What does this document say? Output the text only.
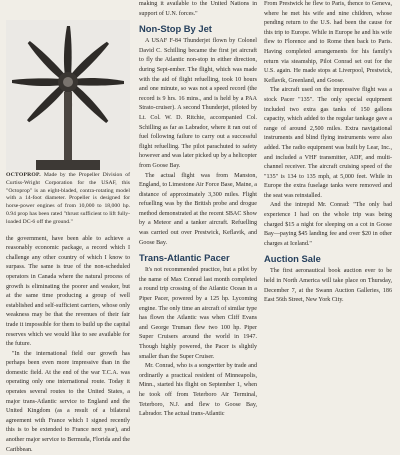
OCTOPROP. Made by the Propeller Division of Curtiss-Wright Corporation for the USAF, this "Octoprop" is an eight-bladed, contra-rotating model with a 14-foot diameter. Propeller is designed for horse-power engines of from 10,000 to 18,000 hp. 0.94 prop has been rated "thrust sufficient to lift fully-loaded DC-6 off the ground."

the government, have been able to achieve a reasonably economic package, a record which I challenge any other country of which I know to surpass. The same is true of the non-scheduled operators in Canada where the natural process of growth is eliminating the poorer and weaker, but at the same time producing a group of well established and self-sufficient carriers, whose only weakness may be that the revenues of their fair trade it impossible for them to build up the capital reserves which we would like to see available for the future.

"In the international field our growth has perhaps been even more impressive than in the domestic field. At the end of the war T.C.A. was operating only one international route. Today it operates several routes to the United States, a major trans-Atlantic service to England and the United Kingdom (as a result of a bilateral agreement with France which I signed recently this is to be extended to France next year), and another major service to Bermuda, Florida and the Caribbean.

making it available to the United Nations in support of U.N. forces."

Non-Stop By Jet

A USAF F-84 Thunderjet flown by Colonel David C. Schilling became the first jet aircraft to fly the Atlantic non-stop in either direction, during Sept-ember. The flight, which was made with the aid of flight refuelling, took 10 hours and one minute, so was not a speed record (the record is 9 hrs. 16 mins., and is held by a PAA Strato-cruiser). A second Thunderjet, piloted by Lt. Col. W. D. Ritchie, accompanied Col. Schilling as far as Labrador, where it ran out of fuel following failure to carry out a successful flight refuelling. The pilot parachuted to safety however and was later picked up by a helicopter from Goose Bay.

The actual flight was from Manston, England, to Limestone Air Force Base, Maine, a distance of approximately 3,300 miles. Flight refuelling was by the British probe and drogue method demonstrated at the recent SBAC Show by a Meteor and a tanker aircraft. Refuelling was carried out over Prestwick, Keflavik, and Goose Bay.

Trans-Atlantic Pacer

It's not recommended practice, but a pilot by the name of Max Conrad last month completed a round trip crossing of the Atlantic Ocean in a Piper Pacer, powered by a 125 hp. Lycoming engine. The only time an aircraft of similar type has flown the Atlantic was when Cliff Evans and George Truman flew two 100 hp. Piper Super Cruisers around the world in 1947. Though highly powered, the Pacer is slightly smaller than the Super Cruiser.

Mr. Conrad, who is a songwriter by trade and ordinarily a practical resident of Minneapolis, Minn., started his flight on September 1, when he took off from Teterboro Air Terminal, Teterboro, N.J. and flew to Goose Bay, Labrador. The actual trans-Atlantic

From Prestwick he flew to Paris, thence to Geneva, where he met his wife and nine children, whose pending return to the U.S. had been the cause for this trip to Europe. While in Europe he and his wife flew to Florence and to Rome then back to Paris. Having completed arrangements for his family's return via steamship, Pilot Conrad set out for the U.S. again. He made stops at Liverpool, Prestwick, Keflavik, Greenland, and Goose.

The aircraft used on the impressive flight was a stock Pacer "135". The only special equipment included two extra gas tanks of 150 gallons capacity, which added to the regular tankage gave a range of around 2,500 miles. Extra navigational instruments and blind flying instruments were also added. The radio equipment was built by Lear, Inc., and included a VHF transmitter, ADF, and multi-channel receiver. The aircraft cruising speed of the "135" is 134 to 135 mph, at 5,000 feet. While in Europe the extra fuselage tanks were removed and the seat was reinstalled.

And the intrepid Mr. Conrad: "The only bad experience I had on the whole trip was being charged $15 a night for sleeping on a cot in Goose Bay—paying $45 landing fee and over $20 in other charges at Iceland."

Auction Sale

The first aeronautical book auction ever to be held in North America will take place on Thursday, December 7, at the Swann Auction Galleries, 186 East 56th Street, New York City.
